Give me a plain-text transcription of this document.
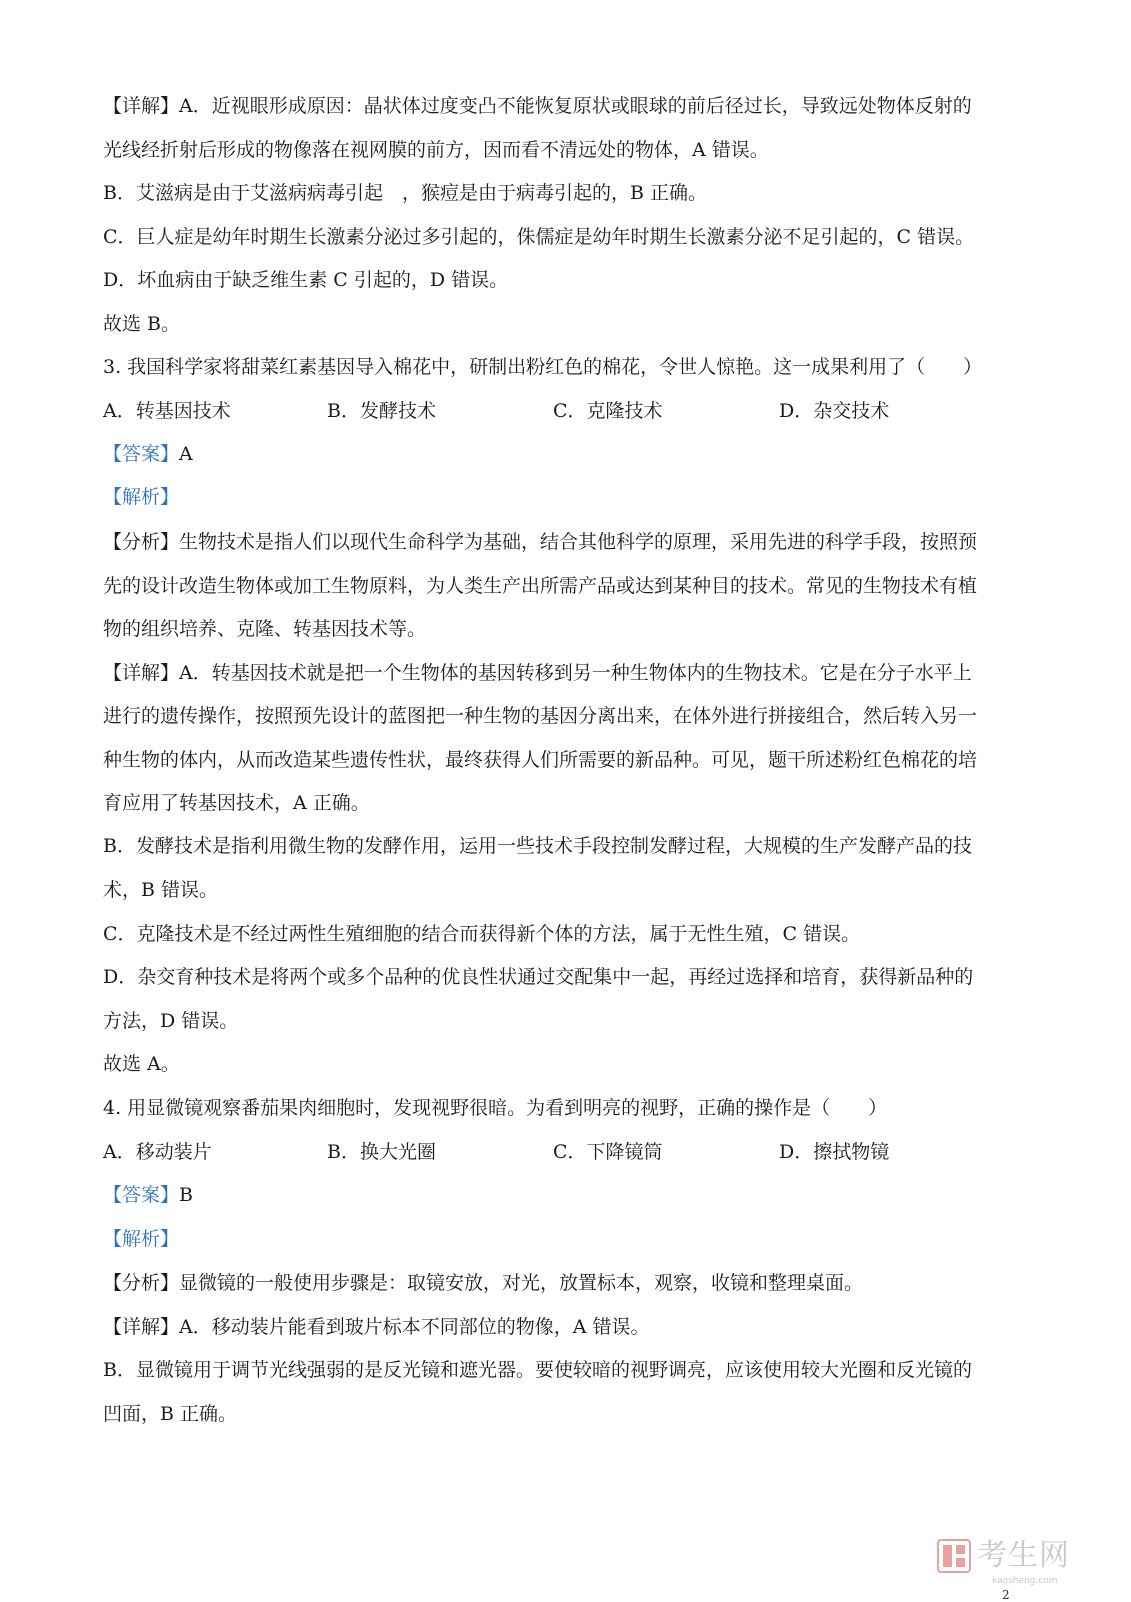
【详解】A．近视眼形成原因：晶状体过度变凸不能恢复原状或眼球的前后径过长，导致远处物体反射的
光线经折射后形成的物像落在视网膜的前方，因而看不清远处的物体，A 错误。
B．艾滋病是由于艾滋病病毒引起　，猴痘是由于病毒引起的，B 正确。
C．巨人症是幼年时期生长激素分泌过多引起的，侏儒症是幼年时期生长激素分泌不足引起的，C 错误。
D．坏血病由于缺乏维生素 C 引起的，D 错误。
故选 B。
3. 我国科学家将甜菜红素基因导入棉花中，研制出粉红色的棉花，令世人惊艳。这一成果利用了（　　）
A．转基因技术	B．发酵技术	C．克隆技术	D．杂交技术
【答案】A
【解析】
【分析】生物技术是指人们以现代生命科学为基础，结合其他科学的原理，采用先进的科学手段，按照预
先的设计改造生物体或加工生物原料，为人类生产出所需产品或达到某种目的技术。常见的生物技术有植
物的组织培养、克隆、转基因技术等。
【详解】A．转基因技术就是把一个生物体的基因转移到另一种生物体内的生物技术。它是在分子水平上
进行的遗传操作，按照预先设计的蓝图把一种生物的基因分离出来，在体外进行拼接组合，然后转入另一
种生物的体内，从而改造某些遗传性状，最终获得人们所需要的新品种。可见，题干所述粉红色棉花的培
育应用了转基因技术，A 正确。
B．发酵技术是指利用微生物的发酵作用，运用一些技术手段控制发酵过程，大规模的生产发酵产品的技
术，B 错误。
C．克隆技术是不经过两性生殖细胞的结合而获得新个体的方法，属于无性生殖，C 错误。
D．杂交育种技术是将两个或多个品种的优良性状通过交配集中一起，再经过选择和培育，获得新品种的
方法，D 错误。
故选 A。
4. 用显微镜观察番茄果肉细胞时，发现视野很暗。为看到明亮的视野，正确的操作是（　　）
A．移动装片	B．换大光圈	C．下降镜筒	D．擦拭物镜
【答案】B
【解析】
【分析】显微镜的一般使用步骤是：取镜安放，对光，放置标本，观察，收镜和整理桌面。
【详解】A．移动装片能看到玻片标本不同部位的物像，A 错误。
B．显微镜用于调节光线强弱的是反光镜和遮光器。要使较暗的视野调亮，应该使用较大光圈和反光镜的
凹面，B 正确。
考生网
kaosheng.com
2
